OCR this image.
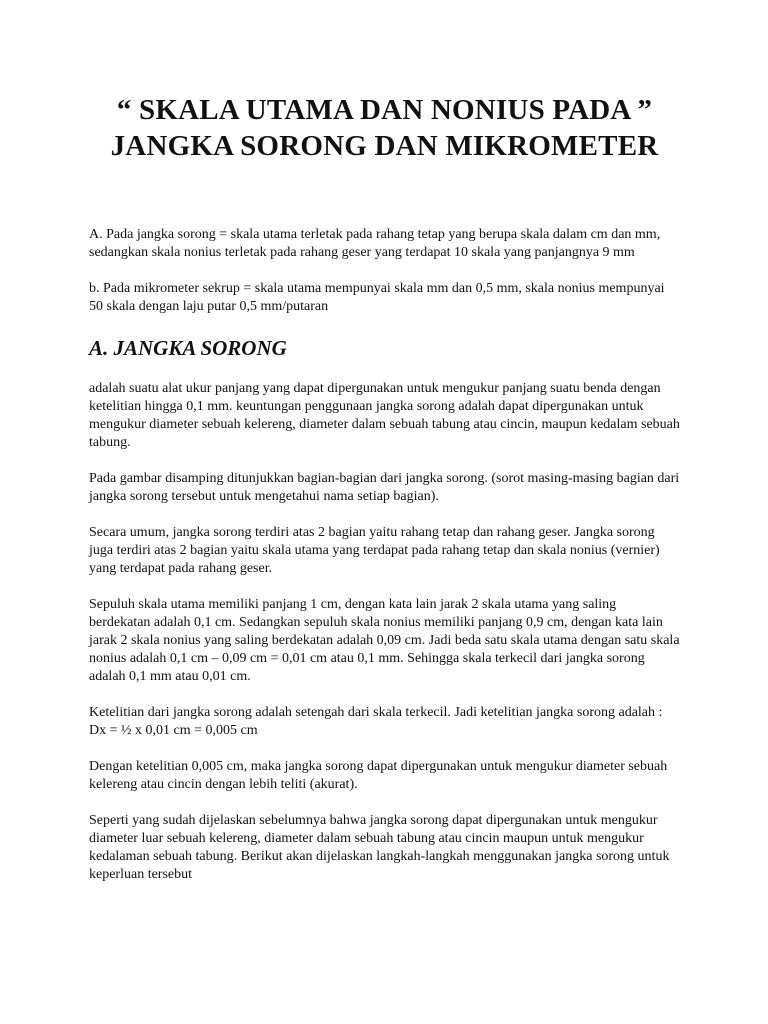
“ SKALA UTAMA DAN NONIUS PADA ”
JANGKA SORONG DAN MIKROMETER

A. Pada jangka sorong = skala utama terletak pada rahang tetap yang berupa skala dalam cm dan mm, sedangkan skala nonius terletak pada rahang geser yang terdapat 10 skala yang panjangnya 9 mm

b. Pada mikrometer sekrup = skala utama mempunyai skala mm dan 0,5 mm, skala nonius mempunyai 50 skala dengan laju putar 0,5 mm/putaran

A. JANGKA SORONG

adalah suatu alat ukur panjang yang dapat dipergunakan untuk mengukur panjang suatu benda dengan ketelitian hingga 0,1 mm. keuntungan penggunaan jangka sorong adalah dapat dipergunakan untuk mengukur diameter sebuah kelereng, diameter dalam sebuah tabung atau cincin, maupun kedalam sebuah tabung.

Pada gambar disamping ditunjukkan bagian-bagian dari jangka sorong. (sorot masing-masing bagian dari jangka sorong tersebut untuk mengetahui nama setiap bagian).

Secara umum, jangka sorong terdiri atas 2 bagian yaitu rahang tetap dan rahang geser. Jangka sorong juga terdiri atas 2 bagian yaitu skala utama yang terdapat pada rahang tetap dan skala nonius (vernier) yang terdapat pada rahang geser.

Sepuluh skala utama memiliki panjang 1 cm, dengan kata lain jarak 2 skala utama yang saling berdekatan adalah 0,1 cm. Sedangkan sepuluh skala nonius memiliki panjang 0,9 cm, dengan kata lain jarak 2 skala nonius yang saling berdekatan adalah 0,09 cm. Jadi beda satu skala utama dengan satu skala nonius adalah 0,1 cm – 0,09 cm = 0,01 cm atau 0,1 mm. Sehingga skala terkecil dari jangka sorong adalah 0,1 mm atau 0,01 cm.

Ketelitian dari jangka sorong adalah setengah dari skala terkecil. Jadi ketelitian jangka sorong adalah : Dx = ½ x 0,01 cm = 0,005 cm

Dengan ketelitian 0,005 cm, maka jangka sorong dapat dipergunakan untuk mengukur diameter sebuah kelereng atau cincin dengan lebih teliti (akurat).

Seperti yang sudah dijelaskan sebelumnya bahwa jangka sorong dapat dipergunakan untuk mengukur diameter luar sebuah kelereng, diameter dalam sebuah tabung atau cincin maupun untuk mengukur kedalaman sebuah tabung. Berikut akan dijelaskan langkah-langkah menggunakan jangka sorong untuk keperluan tersebut
